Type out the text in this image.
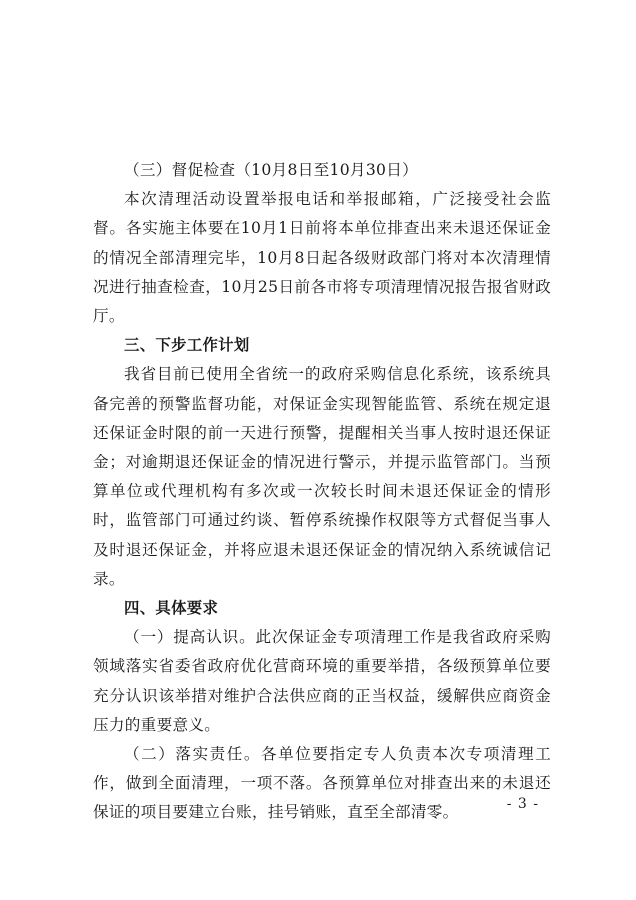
（三）督促检查（10月8日至10月30日）

本次清理活动设置举报电话和举报邮箱，广泛接受社会监督。各实施主体要在10月1日前将本单位排查出来未退还保证金的情况全部清理完毕，10月8日起各级财政部门将对本次清理情况进行抽查检查，10月25日前各市将专项清理情况报告报省财政厅。

三、下步工作计划

我省目前已使用全省统一的政府采购信息化系统，该系统具备完善的预警监督功能，对保证金实现智能监管、系统在规定退还保证金时限的前一天进行预警，提醒相关当事人按时退还保证金；对逾期退还保证金的情况进行警示，并提示监管部门。当预算单位或代理机构有多次或一次较长时间未退还保证金的情形时，监管部门可通过约谈、暂停系统操作权限等方式督促当事人及时退还保证金，并将应退未退还保证金的情况纳入系统诚信记录。

四、具体要求

（一）提高认识。此次保证金专项清理工作是我省政府采购领域落实省委省政府优化营商环境的重要举措，各级预算单位要充分认识该举措对维护合法供应商的正当权益，缓解供应商资金压力的重要意义。

（二）落实责任。各单位要指定专人负责本次专项清理工作，做到全面清理，一项不落。各预算单位对排查出来的未退还保证的项目要建立台账，挂号销账，直至全部清零。	- 3 -
